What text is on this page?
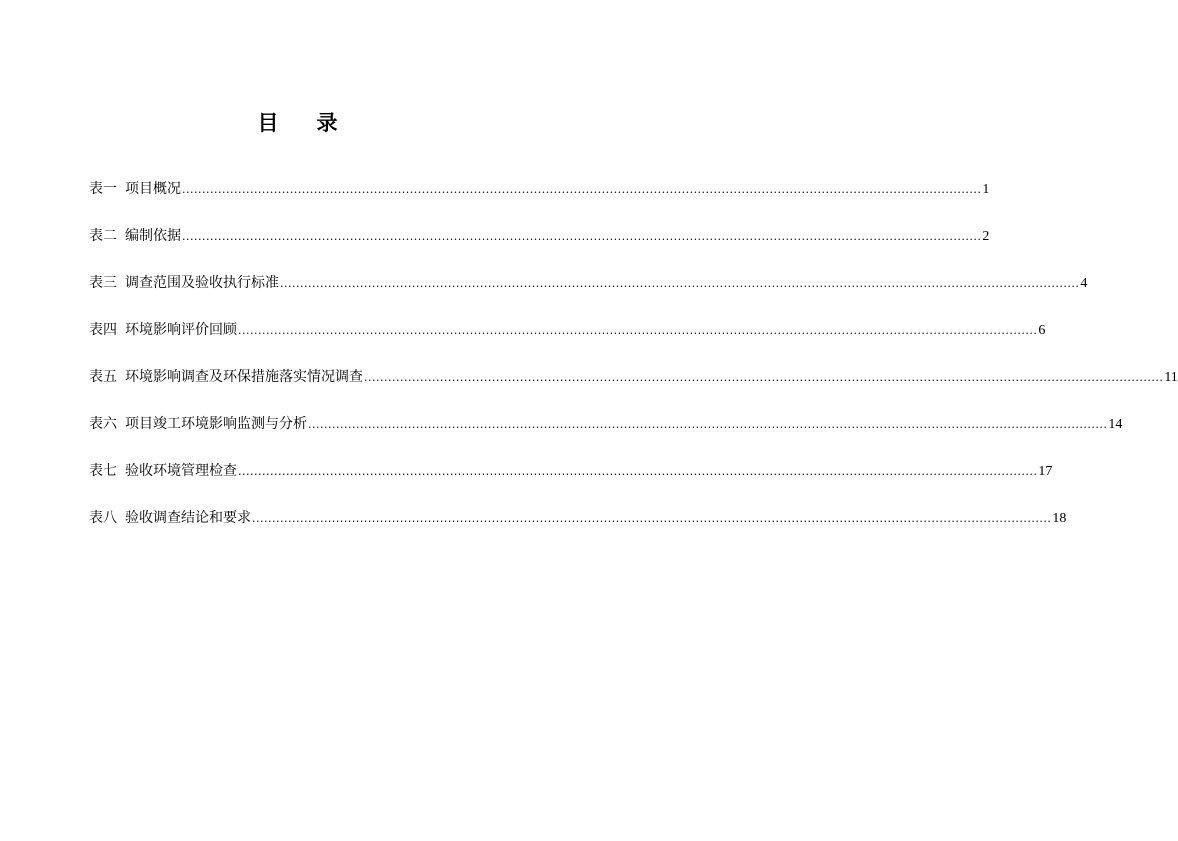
目 录
表一 项目概况 ........................................................................................................................................................................................................ 1
表二 编制依据 ........................................................................................................................................................................................................ 2
表三 调查范围及验收执行标准 ........................................................................................................................................................................................................ 4
表四 环境影响评价回顾 ........................................................................................................................................................................................................ 6
表五 环境影响调查及环保措施落实情况调查 ........................................................................................................................................................................................................ 11
表六 项目竣工环境影响监测与分析 ........................................................................................................................................................................................................ 14
表七 验收环境管理检查 ........................................................................................................................................................................................................ 17
表八 验收调查结论和要求 ........................................................................................................................................................................................................ 18
